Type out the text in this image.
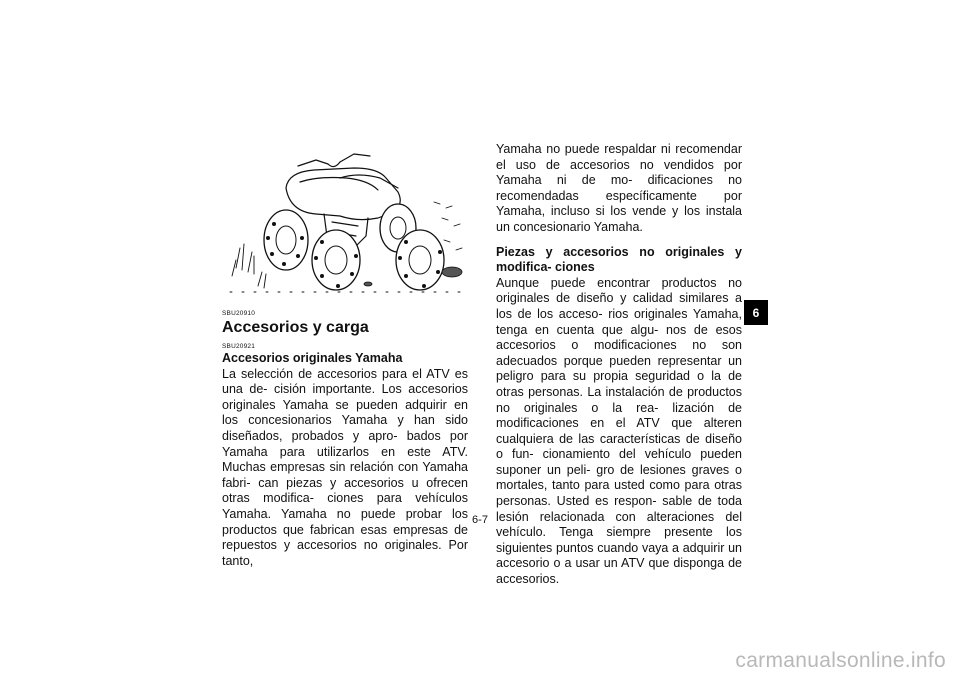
SBU20910

Accesorios y carga

SBU20921

Accesorios originales Yamaha

La selección de accesorios para el ATV es una de- cisión importante. Los accesorios originales Yamaha se pueden adquirir en los concesionarios Yamaha y han sido diseñados, probados y apro- bados por Yamaha para utilizarlos en este ATV. Muchas empresas sin relación con Yamaha fabri- can piezas y accesorios u ofrecen otras modifica- ciones para vehículos Yamaha. Yamaha no puede probar los productos que fabrican esas empresas de repuestos y accesorios no originales. Por tanto,

Yamaha no puede respaldar ni recomendar el uso de accesorios no vendidos por Yamaha ni de mo- dificaciones no recomendadas específicamente por Yamaha, incluso si los vende y los instala un concesionario Yamaha.

Piezas y accesorios no originales y modifica- ciones

Aunque puede encontrar productos no originales de diseño y calidad similares a los de los acceso- rios originales Yamaha, tenga en cuenta que algu- nos de esos accesorios o modificaciones no son adecuados porque pueden representar un peligro para su propia seguridad o la de otras personas. La instalación de productos no originales o la rea- lización de modificaciones en el ATV que alteren cualquiera de las características de diseño o fun- cionamiento del vehículo pueden suponer un peli- gro de lesiones graves o mortales, tanto para usted como para otras personas. Usted es respon- sable de toda lesión relacionada con alteraciones del vehículo. Tenga siempre presente los siguientes puntos cuando vaya a adquirir un accesorio o a usar un ATV que disponga de accesorios.

6
6-7
carmanualsonline.info
